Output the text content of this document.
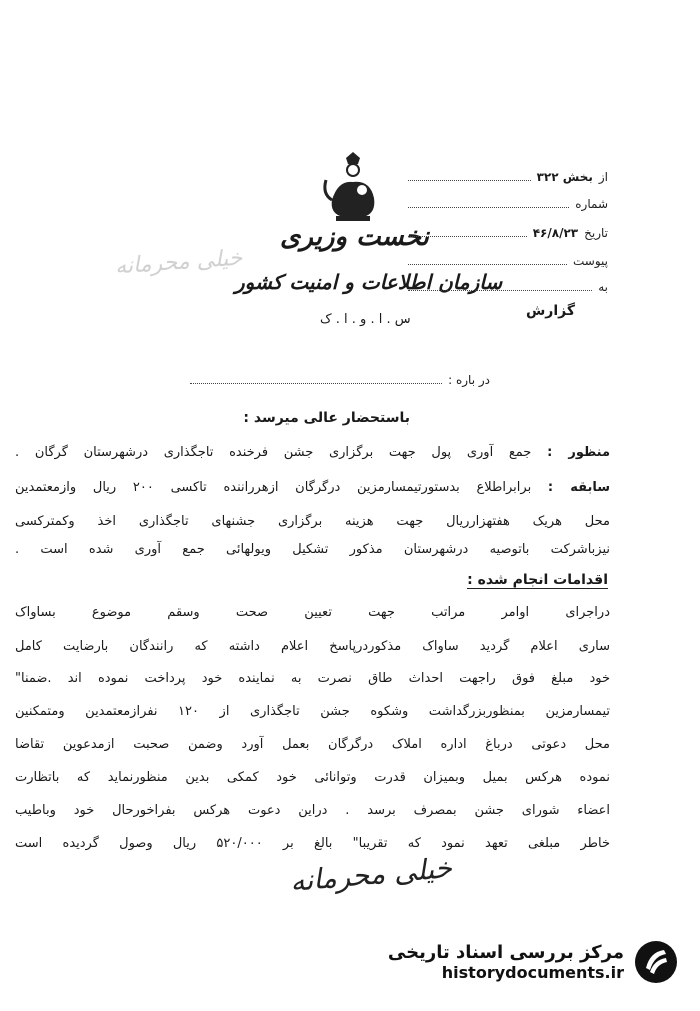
خیلی محرمانه
نخست وزیری
سازمان اطلاعات و امنیت کشور
س . ا . و . ا . ک
از
بخش ۳۲۲
شماره
تاریخ
۴۶/۸/۲۳
پیوست
به
گزارش
در باره :
باستحضار عالی میرسد :
منظور : جمع آوری پول جهت برگزاری جشن فرخنده تاجگذاری درشهرستان گرگان .
سابقه : برابراطلاع بدستورتیمسارمزین درگرگان ازهرراننده تاکسی ۲۰۰ ریال وازمعتمدین
محل هریک هفتهزارریال جهت هزینه برگزاری جشنهای تاجگذاری اخذ وکمترکسی
نیزباشرکت باتوصیه درشهرستان مذکور تشکیل ویولهائی جمع آوری شده است .
اقدامات انجام شده :
دراجرای اوامر مراتب جهت تعیین صحت وسقم موضوع بساواک
ساری اعلام گردید ساواک مذکوردرپاسخ اعلام داشته که رانندگان بارضایت کامل
خود مبلغ فوق راجهت احداث طاق نصرت به نماینده خود پرداخت نموده اند .ضمنا"
تیمسارمزین بمنظوربزرگداشت وشکوه جشن تاجگذاری از ۱۲۰ نفرازمعتمدین ومتمکنین
محل دعوتی درباغ اداره املاک درگرگان بعمل آورد وضمن صحبت ازمدعوین تقاضا
نموده هرکس بمیل وبمیزان قدرت وتوانائی خود کمکی بدین منظورنماید که باتظارت
اعضاء شورای جشن بمصرف برسد . دراین دعوت هرکس بفراخورحال خود وباطیب
خاطر مبلغی تعهد نمود که تقریبا" بالغ بر ۵۲۰/۰۰۰ ریال وصول گردیده است
خیلی محرمانه
مرکز بررسی اسناد تاریخی
historydocuments.ir
